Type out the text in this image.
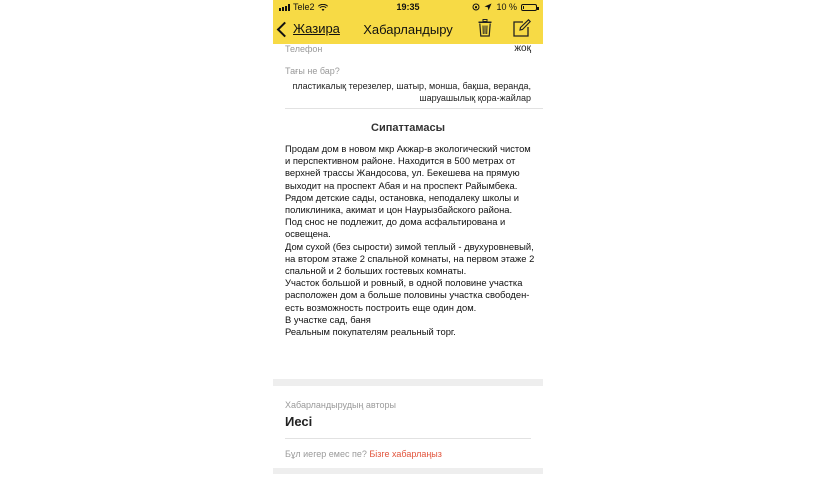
Tele2	19:35	10 %
Жазира	Хабарландыру
Телефон	жоқ
Тағы не бар?
пластикалық терезелер, шатыр, монша, бақша, веранда, шаруашылық қора-жайлар
Сипаттамасы
Продам дом в новом мкр Акжар-в экологический чистом и перспективном районе. Находится в 500 метрах от верхней трассы Жандосова, ул. Бекешева на прямую выходит на проспект Абая и на проспект Райымбека. Рядом детские сады, остановка, неподалеку школы и поликлиника, акимат и цон Наурызбайского района.
Под снос не подлежит, до дома асфальтирована и освещена.
Дом сухой (без сырости) зимой теплый - двухуровневый, на втором этаже 2 спальной комнаты, на первом этаже 2 спальной и 2 больших гостевых комнаты.
Участок большой и ровный, в одной половине участка расположен дом а больше половины участка свободен-есть возможность построить еще один дом.
В участке сад, баня
Реальным покупателям реальный торг.
Хабарландырудың авторы
Иесі
Бұл иегер емес пе? Бізге хабарлаңыз
